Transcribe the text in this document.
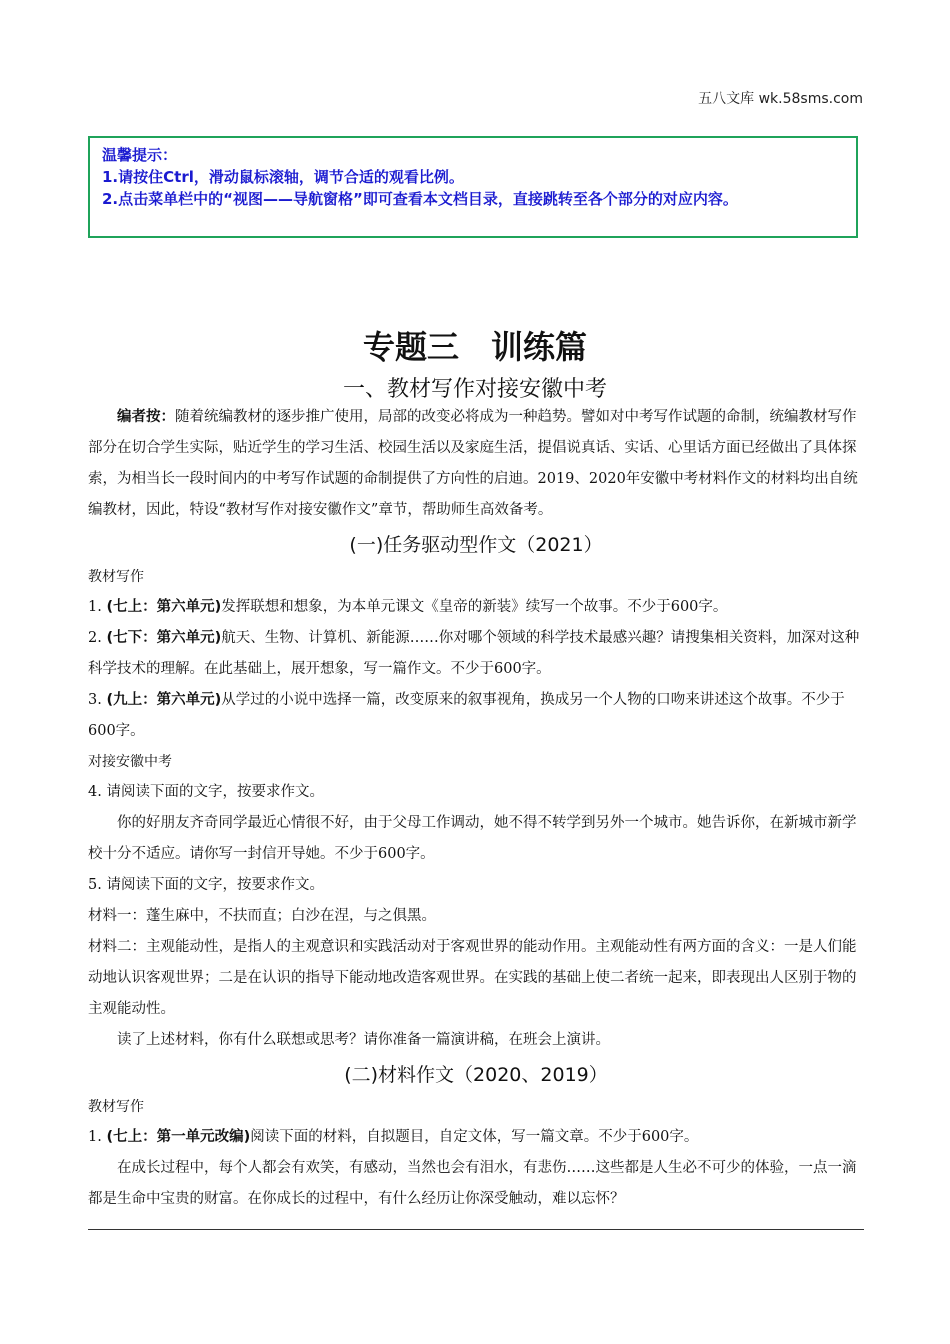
五八文库 wk.58sms.com
温馨提示：
1.请按住Ctrl，滑动鼠标滚轴，调节合适的观看比例。
2.点击菜单栏中的“视图——导航窗格”即可查看本文档目录，直接跳转至各个部分的对应内容。
专题三　训练篇
一、教材写作对接安徽中考

编者按：随着统编教材的逐步推广使用，局部的改变必将成为一种趋势。譬如对中考写作试题的命制，统编教材写作部分在切合学生实际，贴近学生的学习生活、校园生活以及家庭生活，提倡说真话、实话、心里话方面已经做出了具体探索，为相当长一段时间内的中考写作试题的命制提供了方向性的启迪。2019、2020年安徽中考材料作文的材料均出自统编教材，因此，特设“教材写作对接安徽作文”章节，帮助师生高效备考。

(一)任务驱动型作文（2021）
教材写作

1. (七上：第六单元)发挥联想和想象，为本单元课文《皇帝的新装》续写一个故事。不少于600字。

2. (七下：第六单元)航天、生物、计算机、新能源……你对哪个领域的科学技术最感兴趣？请搜集相关资料，加深对这种科学技术的理解。在此基础上，展开想象，写一篇作文。不少于600字。

3. (九上：第六单元)从学过的小说中选择一篇，改变原来的叙事视角，换成另一个人物的口吻来讲述这个故事。不少于600字。

对接安徽中考

4. 请阅读下面的文字，按要求作文。

你的好朋友齐奇同学最近心情很不好，由于父母工作调动，她不得不转学到另外一个城市。她告诉你，在新城市新学校十分不适应。请你写一封信开导她。不少于600字。

5. 请阅读下面的文字，按要求作文。

材料一：蓬生麻中，不扶而直；白沙在涅，与之俱黑。

材料二：主观能动性，是指人的主观意识和实践活动对于客观世界的能动作用。主观能动性有两方面的含义：一是人们能动地认识客观世界；二是在认识的指导下能动地改造客观世界。在实践的基础上使二者统一起来，即表现出人区别于物的主观能动性。

读了上述材料，你有什么联想或思考？请你准备一篇演讲稿，在班会上演讲。

(二)材料作文（2020、2019）
教材写作

1. (七上：第一单元改编)阅读下面的材料，自拟题目，自定文体，写一篇文章。不少于600字。

在成长过程中，每个人都会有欢笑，有感动，当然也会有泪水，有悲伤……这些都是人生必不可少的体验，一点一滴都是生命中宝贵的财富。在你成长的过程中，有什么经历让你深受触动，难以忘怀？
